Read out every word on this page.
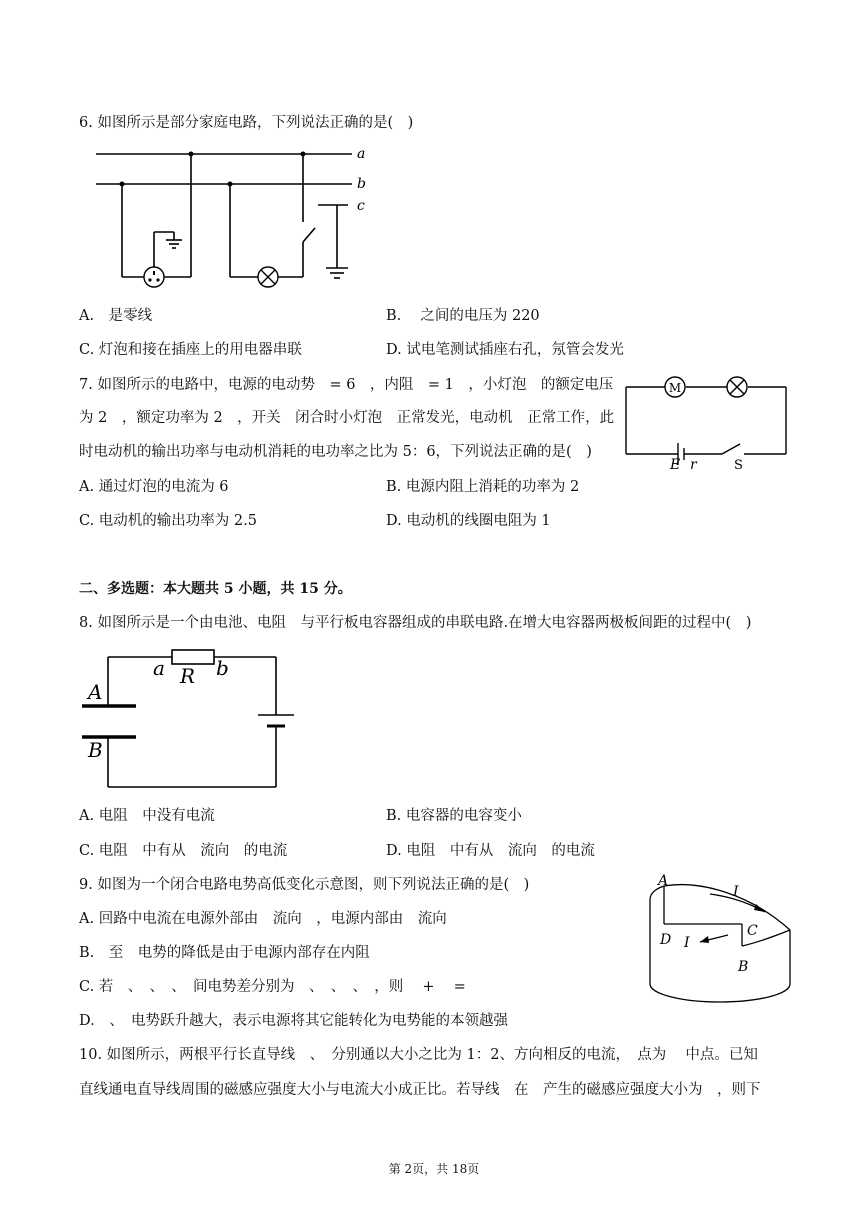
6. 如图所示是部分家庭电路，下列说法正确的是(　)
a
b
c
A.　是零线	B.　 之间的电压为 220
C. 灯泡和接在插座上的用电器串联	D. 试电笔测试插座右孔，氖管会发光
7. 如图所示的电路中，电源的电动势　= 6　，内阻　= 1　，小灯泡　的额定电压
为 2　，额定功率为 2　，开关　闭合时小灯泡　正常发光，电动机　正常工作，此
时电动机的输出功率与电动机消耗的电功率之比为 5：6，下列说法正确的是(　)
M
E r	S
A. 通过灯泡的电流为 6	B. 电源内阻上消耗的功率为 2
C. 电动机的输出功率为 2.5	D. 电动机的线圈电阻为 1
二、多选题：本大题共 5 小题，共 15 分。
8. 如图所示是一个由电池、电阻　与平行板电容器组成的串联电路.在增大电容器两极板间距的过程中(　)
a R b
A
B
A. 电阻　中没有电流	B. 电容器的电容变小
C. 电阻　中有从　流向　的电流	D. 电阻　中有从　流向　的电流
9. 如图为一个闭合电路电势高低变化示意图，则下列说法正确的是(　)
A. 回路中电流在电源外部由　流向　，电源内部由　流向
B.　至　电势的降低是由于电源内部存在内阻
C. 若　、　、　、　间电势差分别为　、　、　、　，则　 +　 =
D.　、　电势跃升越大，表示电源将其它能转化为电势能的本领越强
A
I
D I
C
B
10. 如图所示，两根平行长直导线　、　分别通以大小之比为 1：2、方向相反的电流，　点为　 中点。已知
直线通电直导线周围的磁感应强度大小与电流大小成正比。若导线　在　产生的磁感应强度大小为　，则下
第 2页，共 18页
